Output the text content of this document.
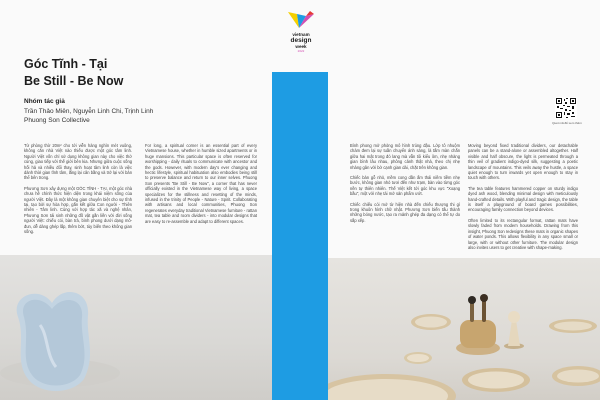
vietnam
design
week
2022
Góc Tĩnh - Tại
Be Still - Be Now
Nhóm tác giả
Trần Thảo Miên, Nguyễn Linh Chi, Trịnh Linh
Phuong Son Collective	Quét mã để xem thêm

Từ phòng thờ 20m² cho tới viễn hàng nghìn mét vuông, không căn nhà Việt nào thiếu được một góc tâm linh. Người Việt vốn chỉ sử dụng không gian này cho việc thờ cúng, giao tiếp với thế giới bên kia. Nhưng giữa cuộc sống hối hả và nhiều đổi thay, sinh hoạt tâm linh còn là việc dành thời gian tĩnh tâm, lắng lại cân bằng và trở lại với bản thể bên trong.

Phương Sơn xây dựng một GÓC TĨNH - TẠI, một góc nhà chưa hề chính thức hiện diện trong khái niệm sống của người Việt. Đây là một không gian chuyên biệt cho sự tĩnh tại, tạo bởi sự hòa hợp, gắn kết giữa Con người - Thiên nhiên - Tâm linh. Cùng với hợp tác xã và nghệ nhân, Phương Sơn tái sinh những đồ vật gắn liền với đời sống người Việt: chiếu cói, bàn trà, bình phong dưới dạng mô-đun, dễ dàng ghép lắp, thêm bớt, tùy biến theo không gian sống.

For long, a spiritual corner is an essential part of every Vietnamese house, whether in humble sized apartments or in huge mansions. This particular space is often reserved for worshipping - daily rituals to communicate with ancestor and the gods. However, with modern day's ever changing and hectic lifestyle, spiritual habituation also embodies being still to preserve balance and return to our inner selves. Phuong Son presents "Be Still - Be Now", a corner that has never officially existed in the Vietnamese way of living, a space specializes for the stillness and resetting of the minds, infused in the trinity of People - Nature - Spirit. Collaborating with artisans and local communities, Phuong Son regenerates everyday traditional Vietnamese furniture - rattan mat, tea table and room dividers - into modular designs that are easy to re-assemble and adapt to different spaces.

Bình phong mở phỏng mô hình trúng đậu. Lớp tô nhuộm chàm đem lại sự tuần chuyển ánh sáng, là tấm màn chắn giữa hai mật trong đó lang mà vẫn tôi kiểu ôm, nhẹ nhàng gian bình lâu nhau, phông cảnh thật nhà, theo chị nhẹ nhàng gân với bờ cạnh gian dài, chặt trên không gian.

Chiếc bàn gỗ nhỏ, mềm cong dần ấm thái niềm tiềm nhẹ bước, không gian nhỏ tươi đến như trạm, bàn vào từng góc nền tự thiên nhiên. Thế Việt kết tới góc khu vực "Xoạng bầu", một với nhẹ tài mở sản phẩm ướt.

Chiếc chiếu cói mở từ hiện nhà đến chiếu thượng thi gì trong khuôn hình chữ nhật. Phương Sơn biến tấu thành những bóng nước, tạo ra mảnh ghép đa dạng có thể tự do sắp xếp.

Moving beyond fixed traditional dividers, our detachable panels can be a stand-alone or assembled altogether. Half visible and half obscure, the light is permeated through a thin veil of gradient indigo-dyed silk, suggesting a poetic landscape of mountains. This veils away the hustle, a space quiet enough to turn inwards yet open enough to stay in touch with others.

The tea table features hammered copper on sturdy indigo dyed ash wood, blending minimal design with meticulously hand-crafted details. With playful and tragic design, the table is itself a playground of board games possibilities, encouraging family connection beyond devices.

Often limited to its rectangular format, rattan mats have slowly faded from modern households. Drawing from this insight, Phuong Son redesigns these mats in organic shapes of water ponds. This allows flexibility in any space small or large, with or without other furniture. The modular design also invites users to get creative with shape-making.
